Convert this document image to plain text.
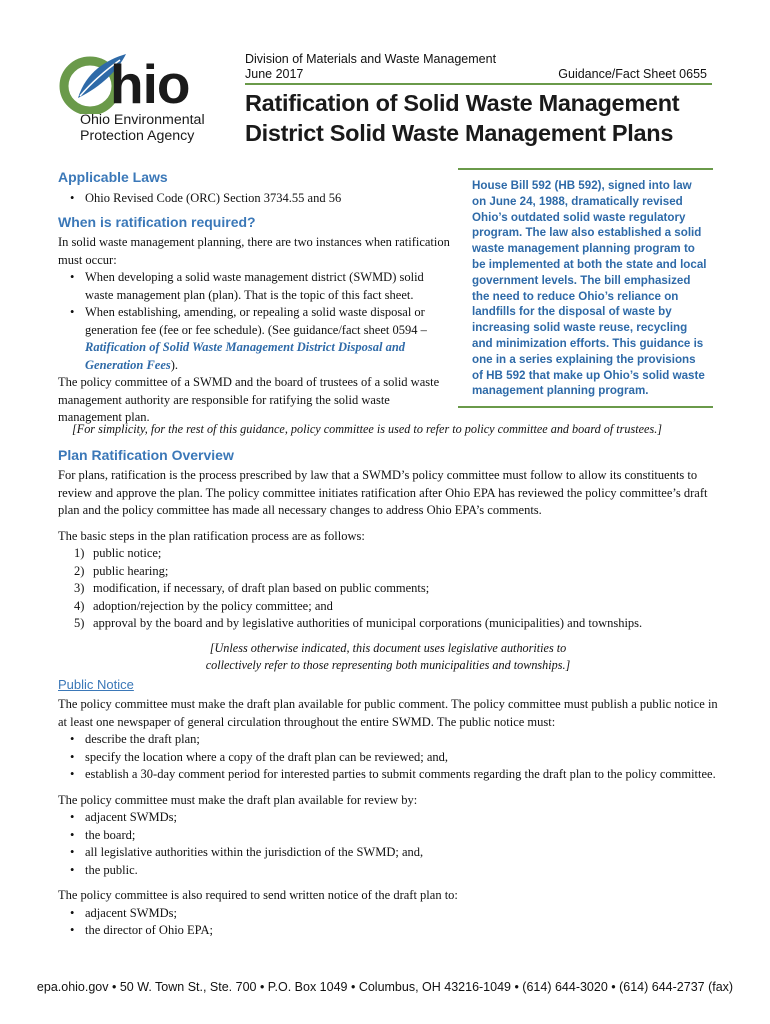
hio
Ohio Environmental
Protection Agency
Division of Materials and Waste Management
June 2017	Guidance/Fact Sheet 0655
Ratification of Solid Waste Management
District Solid Waste Management Plans

House Bill 592 (HB 592), signed into law on June 24, 1988, dramatically revised Ohio’s outdated solid waste regulatory program. The law also established a solid waste management planning program to be implemented at both the state and local government levels. The bill emphasized the need to reduce Ohio’s reliance on landfills for the disposal of waste by increasing solid waste reuse, recycling and minimization efforts. This guidance is one in a series explaining the provisions of HB 592 that make up Ohio’s solid waste management planning program.

Applicable Laws
• Ohio Revised Code (ORC) Section 3734.55 and 56
When is ratification required?
In solid waste management planning, there are two instances when ratification must occur:
• When developing a solid waste management district (SWMD) solid waste management plan (plan). That is the topic of this fact sheet.
• When establishing, amending, or repealing a solid waste disposal or generation fee (fee or fee schedule). (See guidance/fact sheet 0594 – Ratification of Solid Waste Management District Disposal and Generation Fees).
The policy committee of a SWMD and the board of trustees of a solid waste management authority are responsible for ratifying the solid waste management plan.
[For simplicity, for the rest of this guidance, policy committee is used to refer to policy committee and board of trustees.]
Plan Ratification Overview
For plans, ratification is the process prescribed by law that a SWMD’s policy committee must follow to allow its constituents to review and approve the plan. The policy committee initiates ratification after Ohio EPA has reviewed the policy committee’s draft plan and the policy committee has made all necessary changes to address Ohio EPA’s comments.
The basic steps in the plan ratification process are as follows:
1) public notice;
2) public hearing;
3) modification, if necessary, of draft plan based on public comments;
4) adoption/rejection by the policy committee; and
5) approval by the board and by legislative authorities of municipal corporations (municipalities) and townships.
[Unless otherwise indicated, this document uses legislative authorities to
collectively refer to those representing both municipalities and townships.]
Public Notice
The policy committee must make the draft plan available for public comment. The policy committee must publish a public notice in at least one newspaper of general circulation throughout the entire SWMD. The public notice must:
• describe the draft plan;
• specify the location where a copy of the draft plan can be reviewed; and,
• establish a 30-day comment period for interested parties to submit comments regarding the draft plan to the policy committee.
The policy committee must make the draft plan available for review by:
• adjacent SWMDs;
• the board;
• all legislative authorities within the jurisdiction of the SWMD; and,
• the public.
The policy committee is also required to send written notice of the draft plan to:
• adjacent SWMDs;
• the director of Ohio EPA;
epa.ohio.gov • 50 W. Town St., Ste. 700 • P.O. Box 1049 • Columbus, OH 43216-1049 • (614) 644-3020 • (614) 644-2737 (fax)
